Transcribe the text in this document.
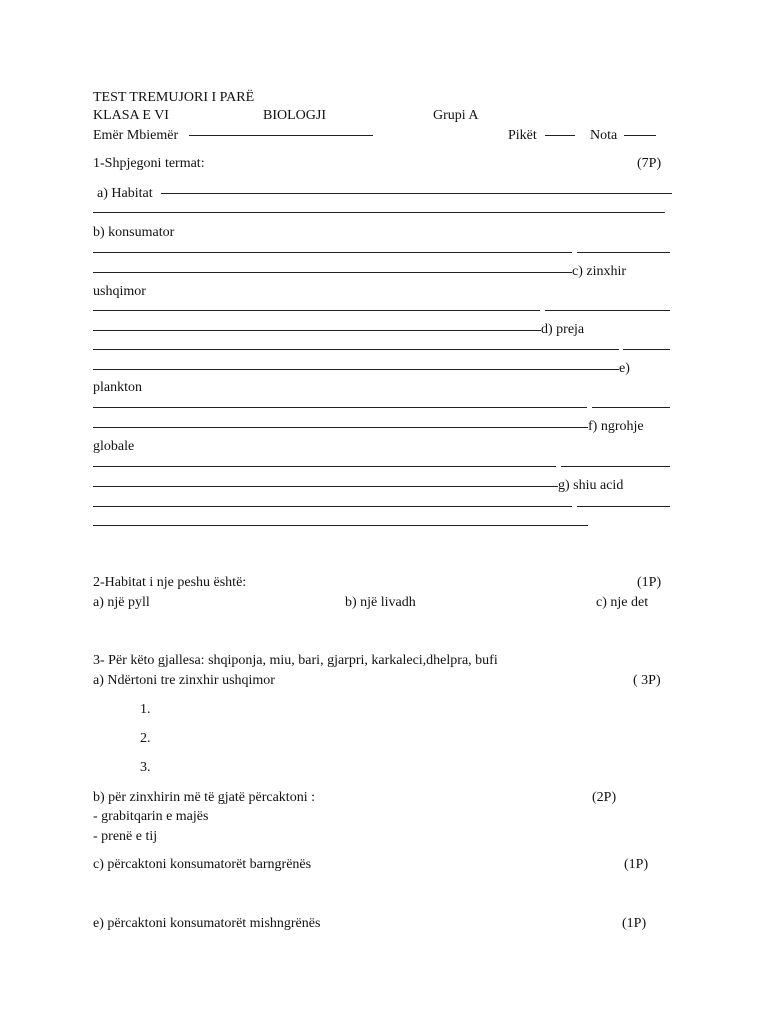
TEST TREMUJORI I PARË
KLASA E VI	BIOLOGJI	Grupi A
Emër Mbiemër	Pikët	Nota
1-Shpjegoni termat:	(7P)
a) Habitat
b) konsumator
c) zinxhir
ushqimor
d) preja
e)
plankton
f) ngrohje
globale
g) shiu acid
2-Habitat i nje peshu është:	(1P)
a) një pyll	b) një livadh	c) nje det
3- Për këto gjallesa: shqiponja, miu, bari, gjarpri, karkaleci,dhelpra, bufi
a) Ndërtoni tre zinxhir ushqimor	( 3P)
1.
2.
3.
b) për zinxhirin më të gjatë përcaktoni :	(2P)
- grabitqarin e majës
- prenë e tij
c) përcaktoni konsumatorët barngrënës	(1P)
e) përcaktoni konsumatorët mishngrënës	(1P)
